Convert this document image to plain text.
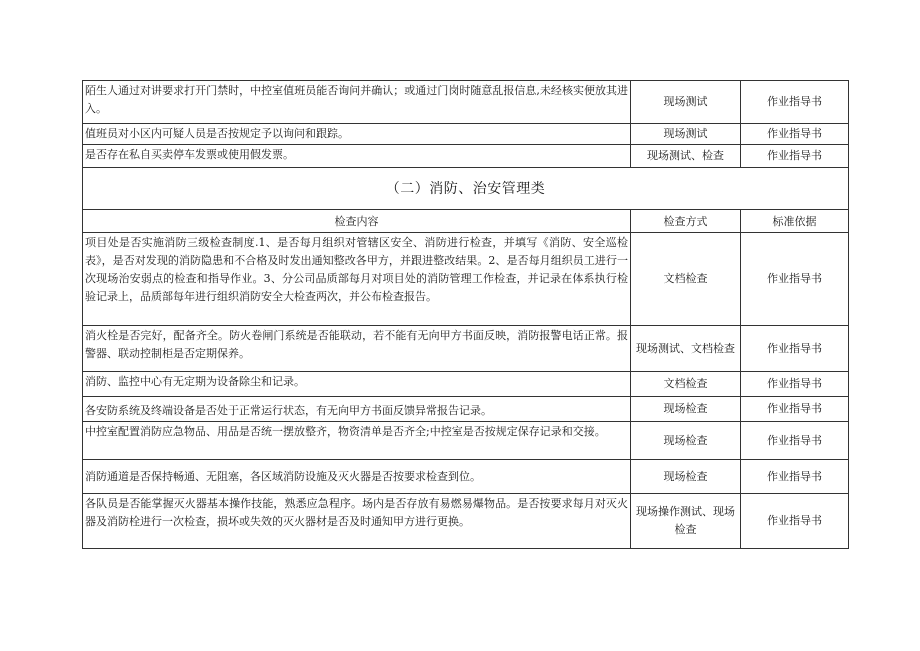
陌生人通过对讲要求打开门禁时，中控室值班员能否询问并确认；或通过门岗时随意乱报信息,未经核实便放其进入。	现场测试	作业指导书
值班员对小区内可疑人员是否按规定予以询问和跟踪。	现场测试	作业指导书
是否存在私自买卖停车发票或使用假发票。	现场测试、检查	作业指导书
（二）消防、治安管理类		
检查内容	检查方式	标准依据
项目处是否实施消防三级检查制度.1、是否每月组织对管辖区安全、消防进行检查，并填写《消防、安全巡检表》，是否对发现的消防隐患和不合格及时发出通知整改各甲方，并跟进整改结果。2、是否每月组织员工进行一次现场治安弱点的检查和指导作业。3、分公司品质部每月对项目处的消防管理工作检查，并记录在体系执行检验记录上，品质部每年进行组织消防安全大检查两次，并公布检查报告。	文档检查	作业指导书
消火栓是否完好，配备齐全。防火卷闸门系统是否能联动，若不能有无向甲方书面反映，消防报警电话正常。报警器、联动控制柜是否定期保养。	现场测试、文档检查	作业指导书
消防、监控中心有无定期为设备除尘和记录。	文档检查	作业指导书
各安防系统及终端设备是否处于正常运行状态，有无向甲方书面反馈异常报告记录。	现场检查	作业指导书
中控室配置消防应急物品、用品是否统一摆放整齐，物资清单是否齐全;中控室是否按规定保存记录和交接。	现场检查	作业指导书
消防通道是否保持畅通、无阻塞，各区域消防设施及灭火器是否按要求检查到位。	现场检查	作业指导书
各队员是否能掌握灭火器基本操作技能，熟悉应急程序。场内是否存放有易燃易爆物品。是否按要求每月对灭火器及消防栓进行一次检查，损坏或失效的灭火器材是否及时通知甲方进行更换。	现场操作测试、现场检查	作业指导书
